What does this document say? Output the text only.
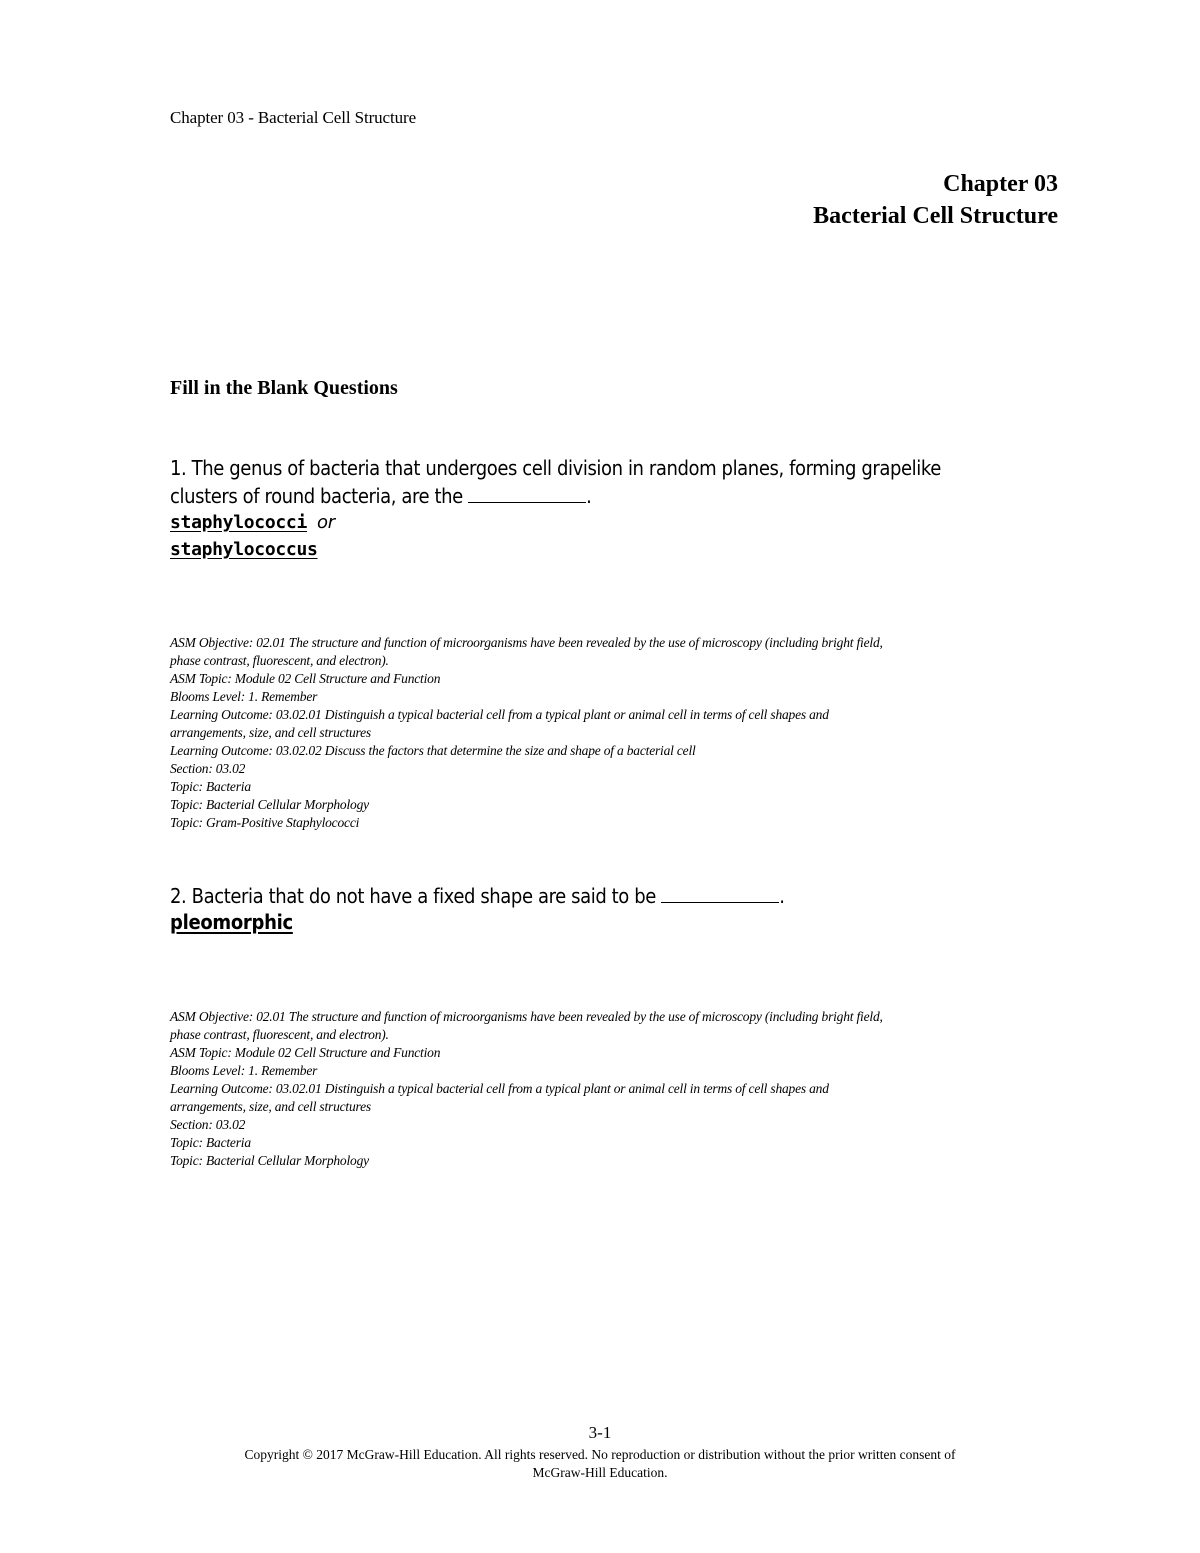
Chapter 03 - Bacterial Cell Structure
Chapter 03
Bacterial Cell Structure
Fill in the Blank Questions
1. The genus of bacteria that undergoes cell division in random planes, forming grapelike
clusters of round bacteria, are the	.
staphylococci or
staphylococcus
ASM Objective: 02.01 The structure and function of microorganisms have been revealed by the use of microscopy (including bright field,
phase contrast, fluorescent, and electron).
ASM Topic: Module 02 Cell Structure and Function
Blooms Level: 1. Remember
Learning Outcome: 03.02.01 Distinguish a typical bacterial cell from a typical plant or animal cell in terms of cell shapes and
arrangements, size, and cell structures
Learning Outcome: 03.02.02 Discuss the factors that determine the size and shape of a bacterial cell
Section: 03.02
Topic: Bacteria
Topic: Bacterial Cellular Morphology
Topic: Gram-Positive Staphylococci
2. Bacteria that do not have a fixed shape are said to be	.
pleomorphic
ASM Objective: 02.01 The structure and function of microorganisms have been revealed by the use of microscopy (including bright field,
phase contrast, fluorescent, and electron).
ASM Topic: Module 02 Cell Structure and Function
Blooms Level: 1. Remember
Learning Outcome: 03.02.01 Distinguish a typical bacterial cell from a typical plant or animal cell in terms of cell shapes and
arrangements, size, and cell structures
Section: 03.02
Topic: Bacteria
Topic: Bacterial Cellular Morphology
3-1
Copyright © 2017 McGraw-Hill Education. All rights reserved. No reproduction or distribution without the prior written consent of
McGraw-Hill Education.
